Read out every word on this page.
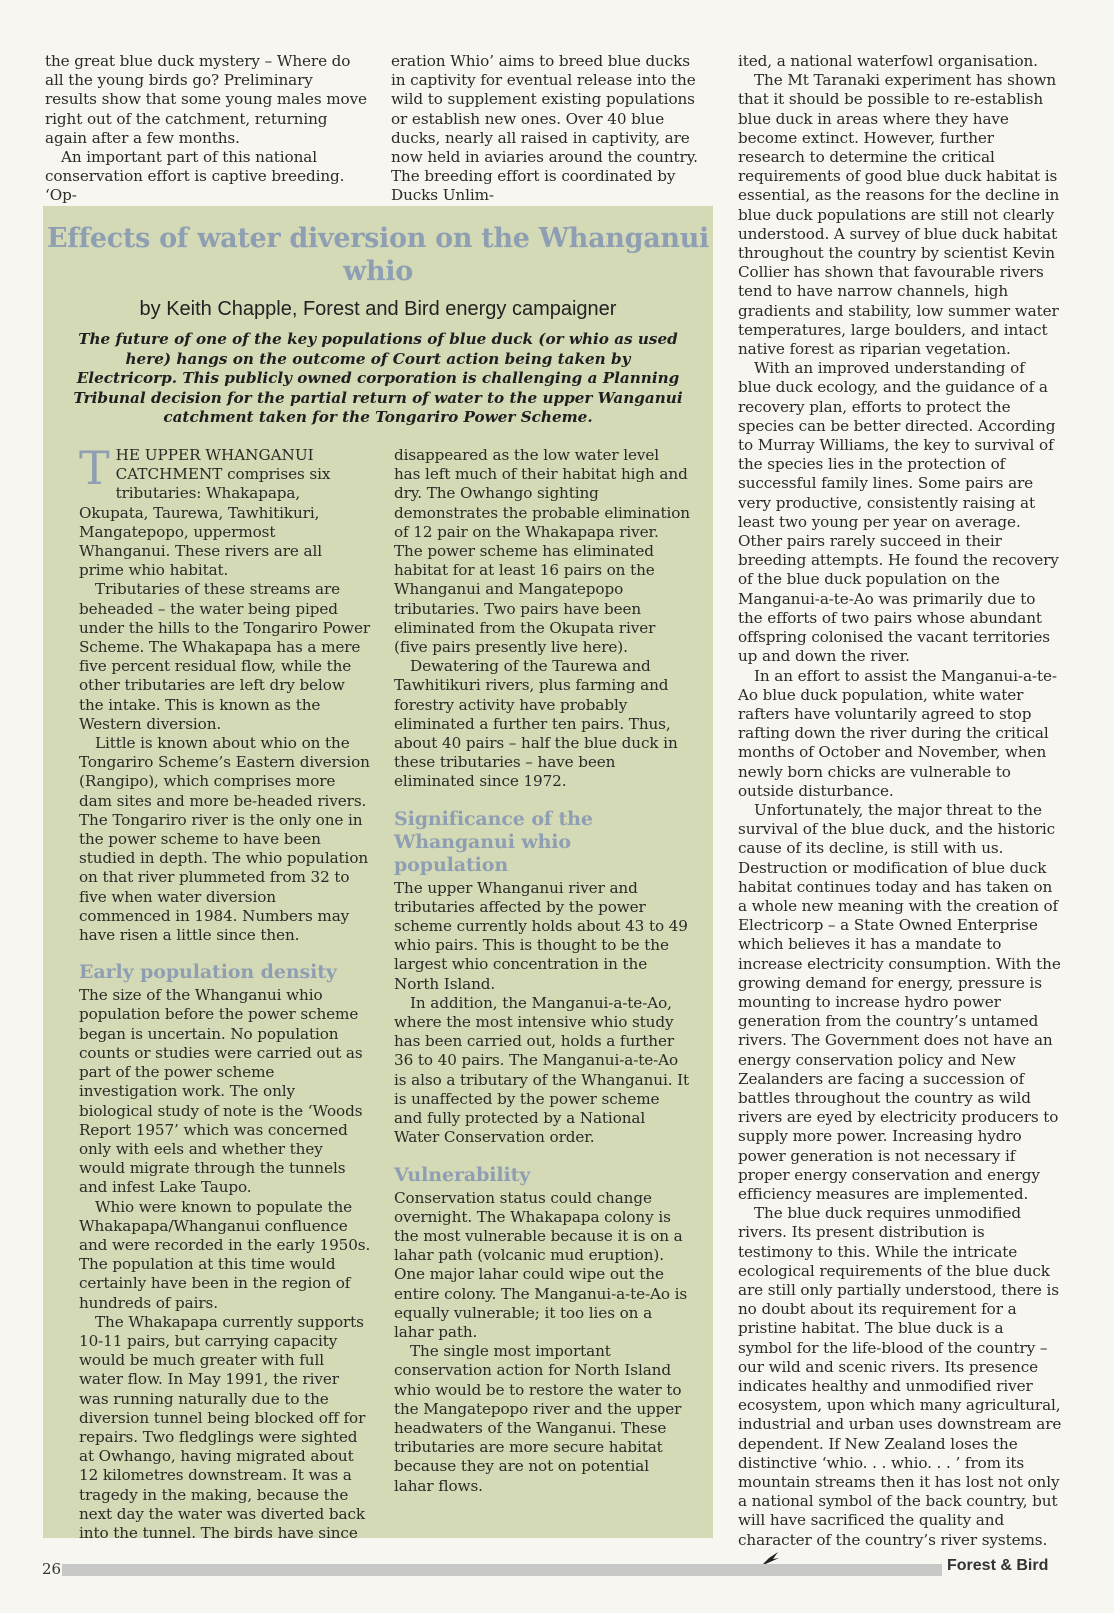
the great blue duck mystery – Where do all the young birds go? Preliminary results show that some young males move right out of the catchment, returning again after a few months.

An important part of this national conservation effort is captive breeding. ‘Op-

eration Whio’ aims to breed blue ducks in captivity for eventual release into the wild to supplement existing populations or establish new ones. Over 40 blue ducks, nearly all raised in captivity, are now held in aviaries around the country. The breeding effort is coordinated by Ducks Unlim-

ited, a national waterfowl organisation.

The Mt Taranaki experiment has shown that it should be possible to re-establish blue duck in areas where they have become extinct. However, further research to determine the critical requirements of good blue duck habitat is essential, as the reasons for the decline in blue duck populations are still not clearly understood. A survey of blue duck habitat throughout the country by scientist Kevin Collier has shown that favourable rivers tend to have narrow channels, high gradients and stability, low summer water temperatures, large boulders, and intact native forest as riparian vegetation.

With an improved understanding of blue duck ecology, and the guidance of a recovery plan, efforts to protect the species can be better directed. According to Murray Williams, the key to survival of the species lies in the protection of successful family lines. Some pairs are very productive, consistently raising at least two young per year on average. Other pairs rarely succeed in their breeding attempts. He found the recovery of the blue duck population on the Manganui-a-te-Ao was primarily due to the efforts of two pairs whose abundant offspring colonised the vacant territories up and down the river.

In an effort to assist the Manganui-a-te-Ao blue duck population, white water rafters have voluntarily agreed to stop rafting down the river during the critical months of October and November, when newly born chicks are vulnerable to outside disturbance.

Unfortunately, the major threat to the survival of the blue duck, and the historic cause of its decline, is still with us. Destruction or modification of blue duck habitat continues today and has taken on a whole new meaning with the creation of Electricorp – a State Owned Enterprise which believes it has a mandate to increase electricity consumption. With the growing demand for energy, pressure is mounting to increase hydro power generation from the country’s untamed rivers. The Government does not have an energy conservation policy and New Zealanders are facing a succession of battles throughout the country as wild rivers are eyed by electricity producers to supply more power. Increasing hydro power generation is not necessary if proper energy conservation and energy efficiency measures are implemented.

The blue duck requires unmodified rivers. Its present distribution is testimony to this. While the intricate ecological requirements of the blue duck are still only partially understood, there is no doubt about its requirement for a pristine habitat. The blue duck is a symbol for the life-blood of the country – our wild and scenic rivers. Its presence indicates healthy and unmodified river ecosystem, upon which many agricultural, industrial and urban uses downstream are dependent. If New Zealand loses the distinctive ‘whio. . . whio. . . ’ from its mountain streams then it has lost not only a national symbol of the back country, but will have sacrificed the quality and character of the country’s river systems.

Effects of water diversion on the Whanganui whio
by Keith Chapple, Forest and Bird energy campaigner
The future of one of the key populations of blue duck (or whio as used here) hangs on the outcome of Court action being taken by Electricorp. This publicly owned corporation is challenging a Planning Tribunal decision for the partial return of water to the upper Wanganui catchment taken for the Tongariro Power Scheme.

THE UPPER WHANGANUI CATCHMENT comprises six tributaries: Whakapapa, Okupata, Taurewa, Tawhitikuri, Mangatepopo, uppermost Whanganui. These rivers are all prime whio habitat.

Tributaries of these streams are beheaded – the water being piped under the hills to the Tongariro Power Scheme. The Whakapapa has a mere five percent residual flow, while the other tributaries are left dry below the intake. This is known as the Western diversion.

Little is known about whio on the Tongariro Scheme’s Eastern diversion (Rangipo), which comprises more dam sites and more be-headed rivers. The Tongariro river is the only one in the power scheme to have been studied in depth. The whio population on that river plummeted from 32 to five when water diversion commenced in 1984. Numbers may have risen a little since then.

Early population density

The size of the Whanganui whio population before the power scheme began is uncertain. No population counts or studies were carried out as part of the power scheme investigation work. The only biological study of note is the ‘Woods Report 1957’ which was concerned only with eels and whether they would migrate through the tunnels and infest Lake Taupo.

Whio were known to populate the Whakapapa/Whanganui confluence and were recorded in the early 1950s. The population at this time would certainly have been in the region of hundreds of pairs.

The Whakapapa currently supports 10-11 pairs, but carrying capacity would be much greater with full water flow. In May 1991, the river was running naturally due to the diversion tunnel being blocked off for repairs. Two fledglings were sighted at Owhango, having migrated about 12 kilometres downstream. It was a tragedy in the making, because the next day the water was diverted back into the tunnel. The birds have since

disappeared as the low water level has left much of their habitat high and dry. The Owhango sighting demonstrates the probable elimination of 12 pair on the Whakapapa river. The power scheme has eliminated habitat for at least 16 pairs on the Whanganui and Mangatepopo tributaries. Two pairs have been eliminated from the Okupata river (five pairs presently live here).

Dewatering of the Taurewa and Tawhitikuri rivers, plus farming and forestry activity have probably eliminated a further ten pairs. Thus, about 40 pairs – half the blue duck in these tributaries – have been eliminated since 1972.

Significance of the Whanganui whio population

The upper Whanganui river and tributaries affected by the power scheme currently holds about 43 to 49 whio pairs. This is thought to be the largest whio concentration in the North Island.

In addition, the Manganui-a-te-Ao, where the most intensive whio study has been carried out, holds a further 36 to 40 pairs. The Manganui-a-te-Ao is also a tributary of the Whanganui. It is unaffected by the power scheme and fully protected by a National Water Conservation order.

Vulnerability

Conservation status could change overnight. The Whakapapa colony is the most vulnerable because it is on a lahar path (volcanic mud eruption). One major lahar could wipe out the entire colony. The Manganui-a-te-Ao is equally vulnerable; it too lies on a lahar path.

The single most important conservation action for North Island whio would be to restore the water to the Mangatepopo river and the upper headwaters of the Wanganui. These tributaries are more secure habitat because they are not on potential lahar flows.

26	Forest & Bird
